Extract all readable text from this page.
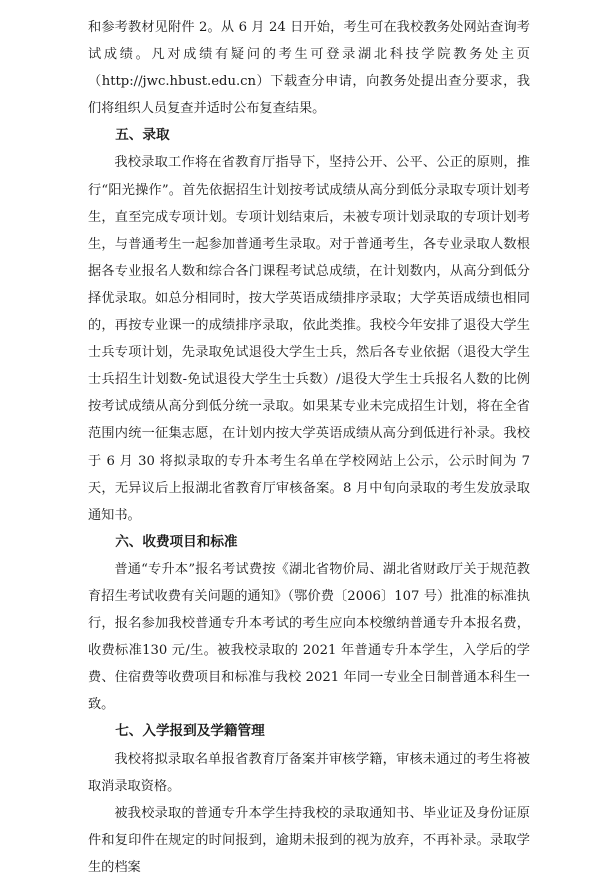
和参考教材见附件 2。从 6 月 24 日开始，考生可在我校教务处网站查询考试成绩。凡对成绩有疑问的考生可登录湖北科技学院教务处主页（http://jwc.hbust.edu.cn）下载查分申请，向教务处提出查分要求，我们将组织人员复查并适时公布复查结果。

五、录取

我校录取工作将在省教育厅指导下，坚持公开、公平、公正的原则，推行“阳光操作”。首先依据招生计划按考试成绩从高分到低分录取专项计划考生，直至完成专项计划。专项计划结束后，未被专项计划录取的专项计划考生，与普通考生一起参加普通考生录取。对于普通考生，各专业录取人数根据各专业报名人数和综合各门课程考试总成绩，在计划数内，从高分到低分择优录取。如总分相同时，按大学英语成绩排序录取；大学英语成绩也相同的，再按专业课一的成绩排序录取，依此类推。我校今年安排了退役大学生士兵专项计划，先录取免试退役大学生士兵，然后各专业依据（退役大学生士兵招生计划数-免试退役大学生士兵数）/退役大学生士兵报名人数的比例按考试成绩从高分到低分统一录取。如果某专业未完成招生计划，将在全省范围内统一征集志愿，在计划内按大学英语成绩从高分到低进行补录。我校于 6 月 30 将拟录取的专升本考生名单在学校网站上公示，公示时间为 7 天，无异议后上报湖北省教育厅审核备案。8 月中旬向录取的考生发放录取通知书。

六、收费项目和标准

普通“专升本”报名考试费按《湖北省物价局、湖北省财政厅关于规范教育招生考试收费有关问题的通知》（鄂价费〔2006〕107 号）批准的标准执行，报名参加我校普通专升本考试的考生应向本校缴纳普通专升本报名费，收费标准130 元/生。被我校录取的 2021 年普通专升本学生，入学后的学费、住宿费等收费项目和标准与我校 2021 年同一专业全日制普通本科生一致。

七、入学报到及学籍管理

我校将拟录取名单报省教育厅备案并审核学籍，审核未通过的考生将被取消录取资格。

被我校录取的普通专升本学生持我校的录取通知书、毕业证及身份证原件和复印件在规定的时间报到，逾期未报到的视为放弃，不再补录。录取学生的档案
